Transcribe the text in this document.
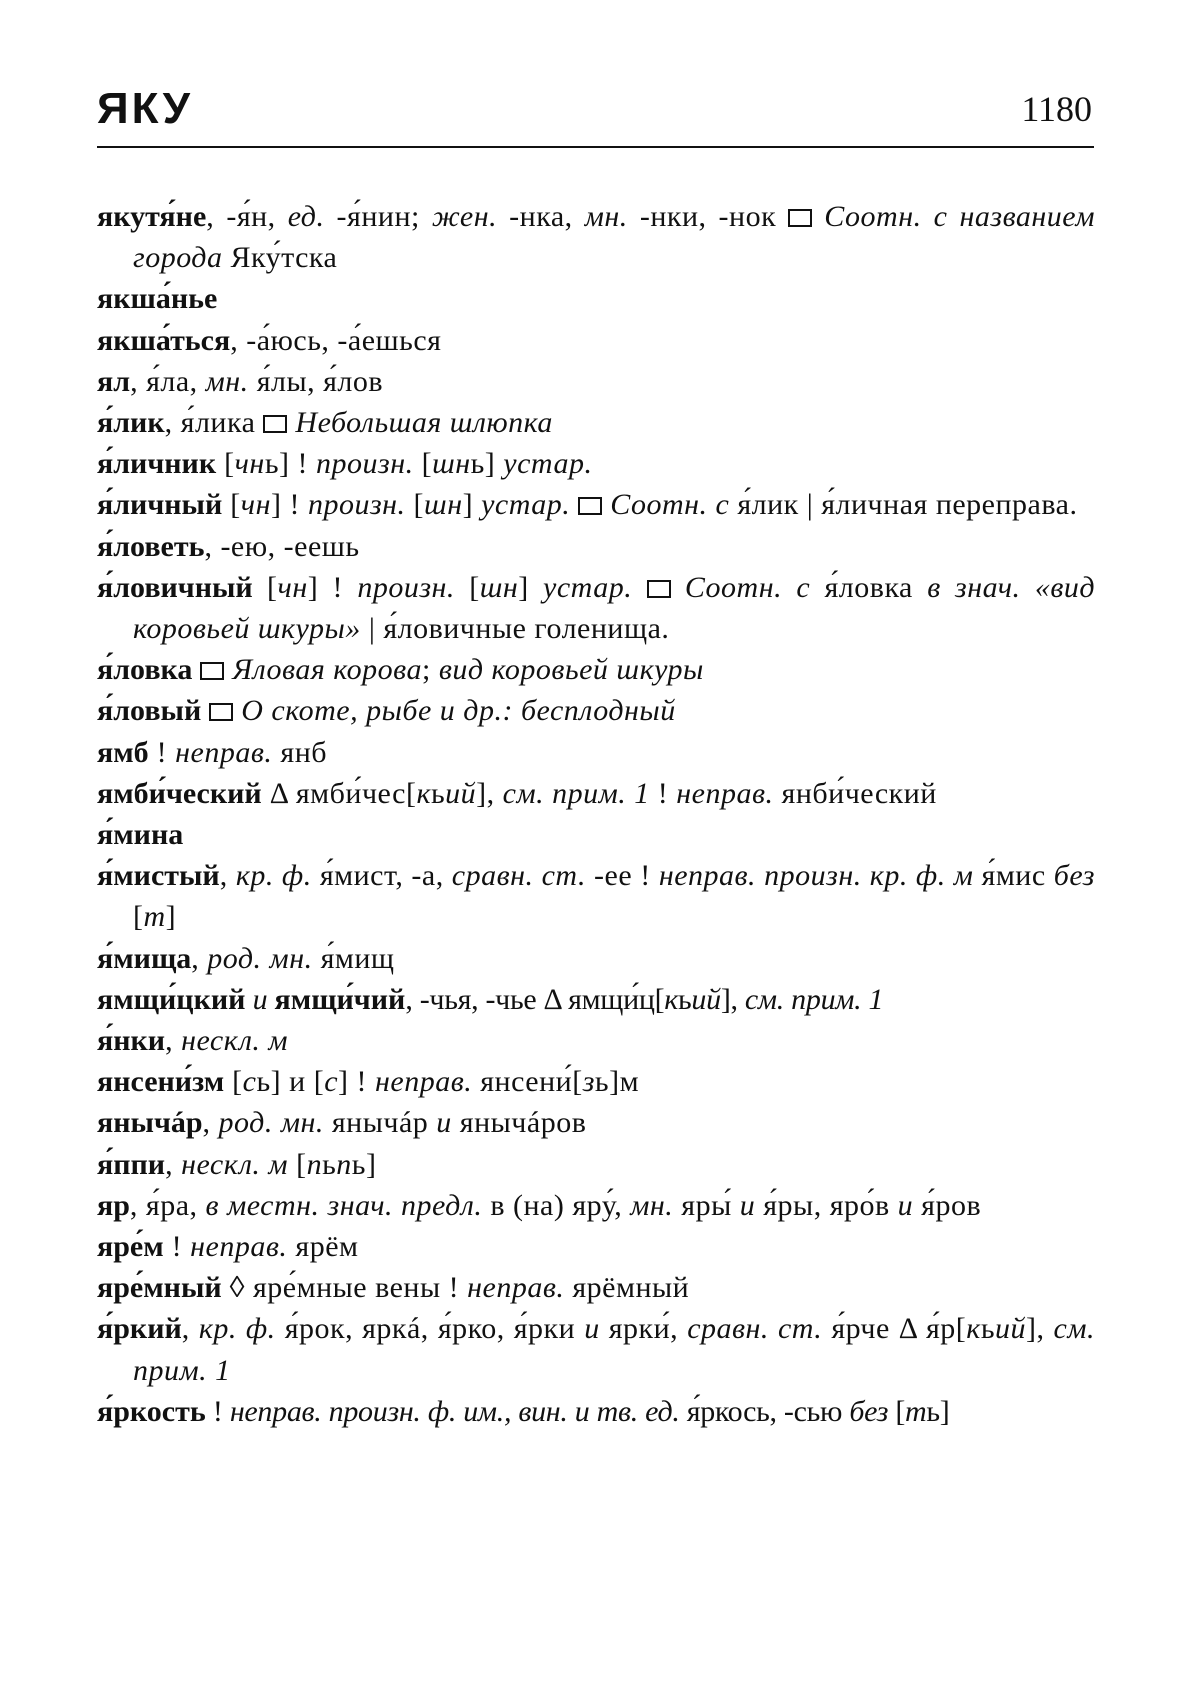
ЯКУ	1180
якутя́не, -я́н, ед. -я́нин; жен. -нка, мн. -нки, -нок  Соотн. с названием города Яку́тска
якша́нье
якша́ться, -а́юсь, -а́ешься
ял, я́ла, мн. я́лы, я́лов
я́лик, я́лика  Небольшая шлюпка
я́личник [чнь] ! произн. [шнь] устар.
я́личный [чн] ! произн. [шн] устар.  Соотн. с я́лик | я́личная переправа.
я́ловеть, -ею, -еешь
я́ловичный [чн] ! произн. [шн] устар.  Соотн. с я́ловка в знач. «вид коровьей шкуры» | я́ловичные голенища.
я́ловка  Яловая корова; вид коровьей шкуры
я́ловый  О скоте, рыбе и др.: бесплодный
ямб ! неправ. янб
ямби́ческий Δ ямби́чес[кьий], см. прим. 1 ! неправ. янби́ческий
я́мина
я́мистый, кр. ф. я́мист, -а, сравн. ст. -ее ! неправ. произн. кр. ф. м я́мис без [т]
я́мища, род. мн. я́мищ
ямщи́цкий и ямщи́чий, -чья, -чье Δ ямщи́ц[кьий], см. прим. 1
я́нки, нескл. м
янсени́зм [сь] и [с] ! неправ. янсени́[зь]м
янычáр, род. мн. янычáр и янычáров
я́ппи, нескл. м [пьпь]
яр, я́ра, в местн. знач. предл. в (на) яру́, мн. яры́ и я́ры, яро́в и я́ров
яре́м ! неправ. ярём
яре́мный ◊ яре́мные вены ! неправ. ярёмный
я́ркий, кр. ф. я́рок, яркá, я́рко, я́рки и ярки́, сравн. ст. я́рче Δ я́р[кьий], см. прим. 1
я́ркость ! неправ. произн. ф. им., вин. и тв. ед. я́ркось, -сью без [ть]
